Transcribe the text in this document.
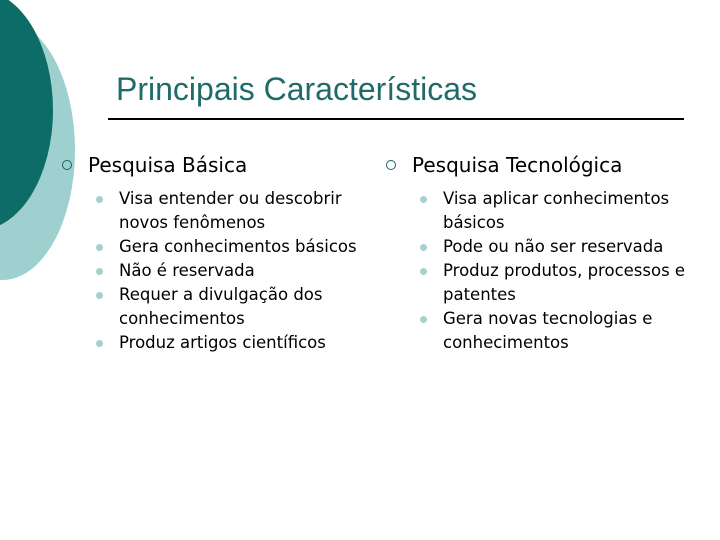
Principais Características
Pesquisa Básica
Visa entender ou descobrir novos fenômenos
Gera conhecimentos básicos
Não é reservada
Requer a divulgação dos conhecimentos
Produz artigos científicos
Pesquisa Tecnológica
Visa aplicar conhecimentos básicos
Pode ou não ser reservada
Produz produtos, processos e patentes
Gera novas tecnologias e conhecimentos
